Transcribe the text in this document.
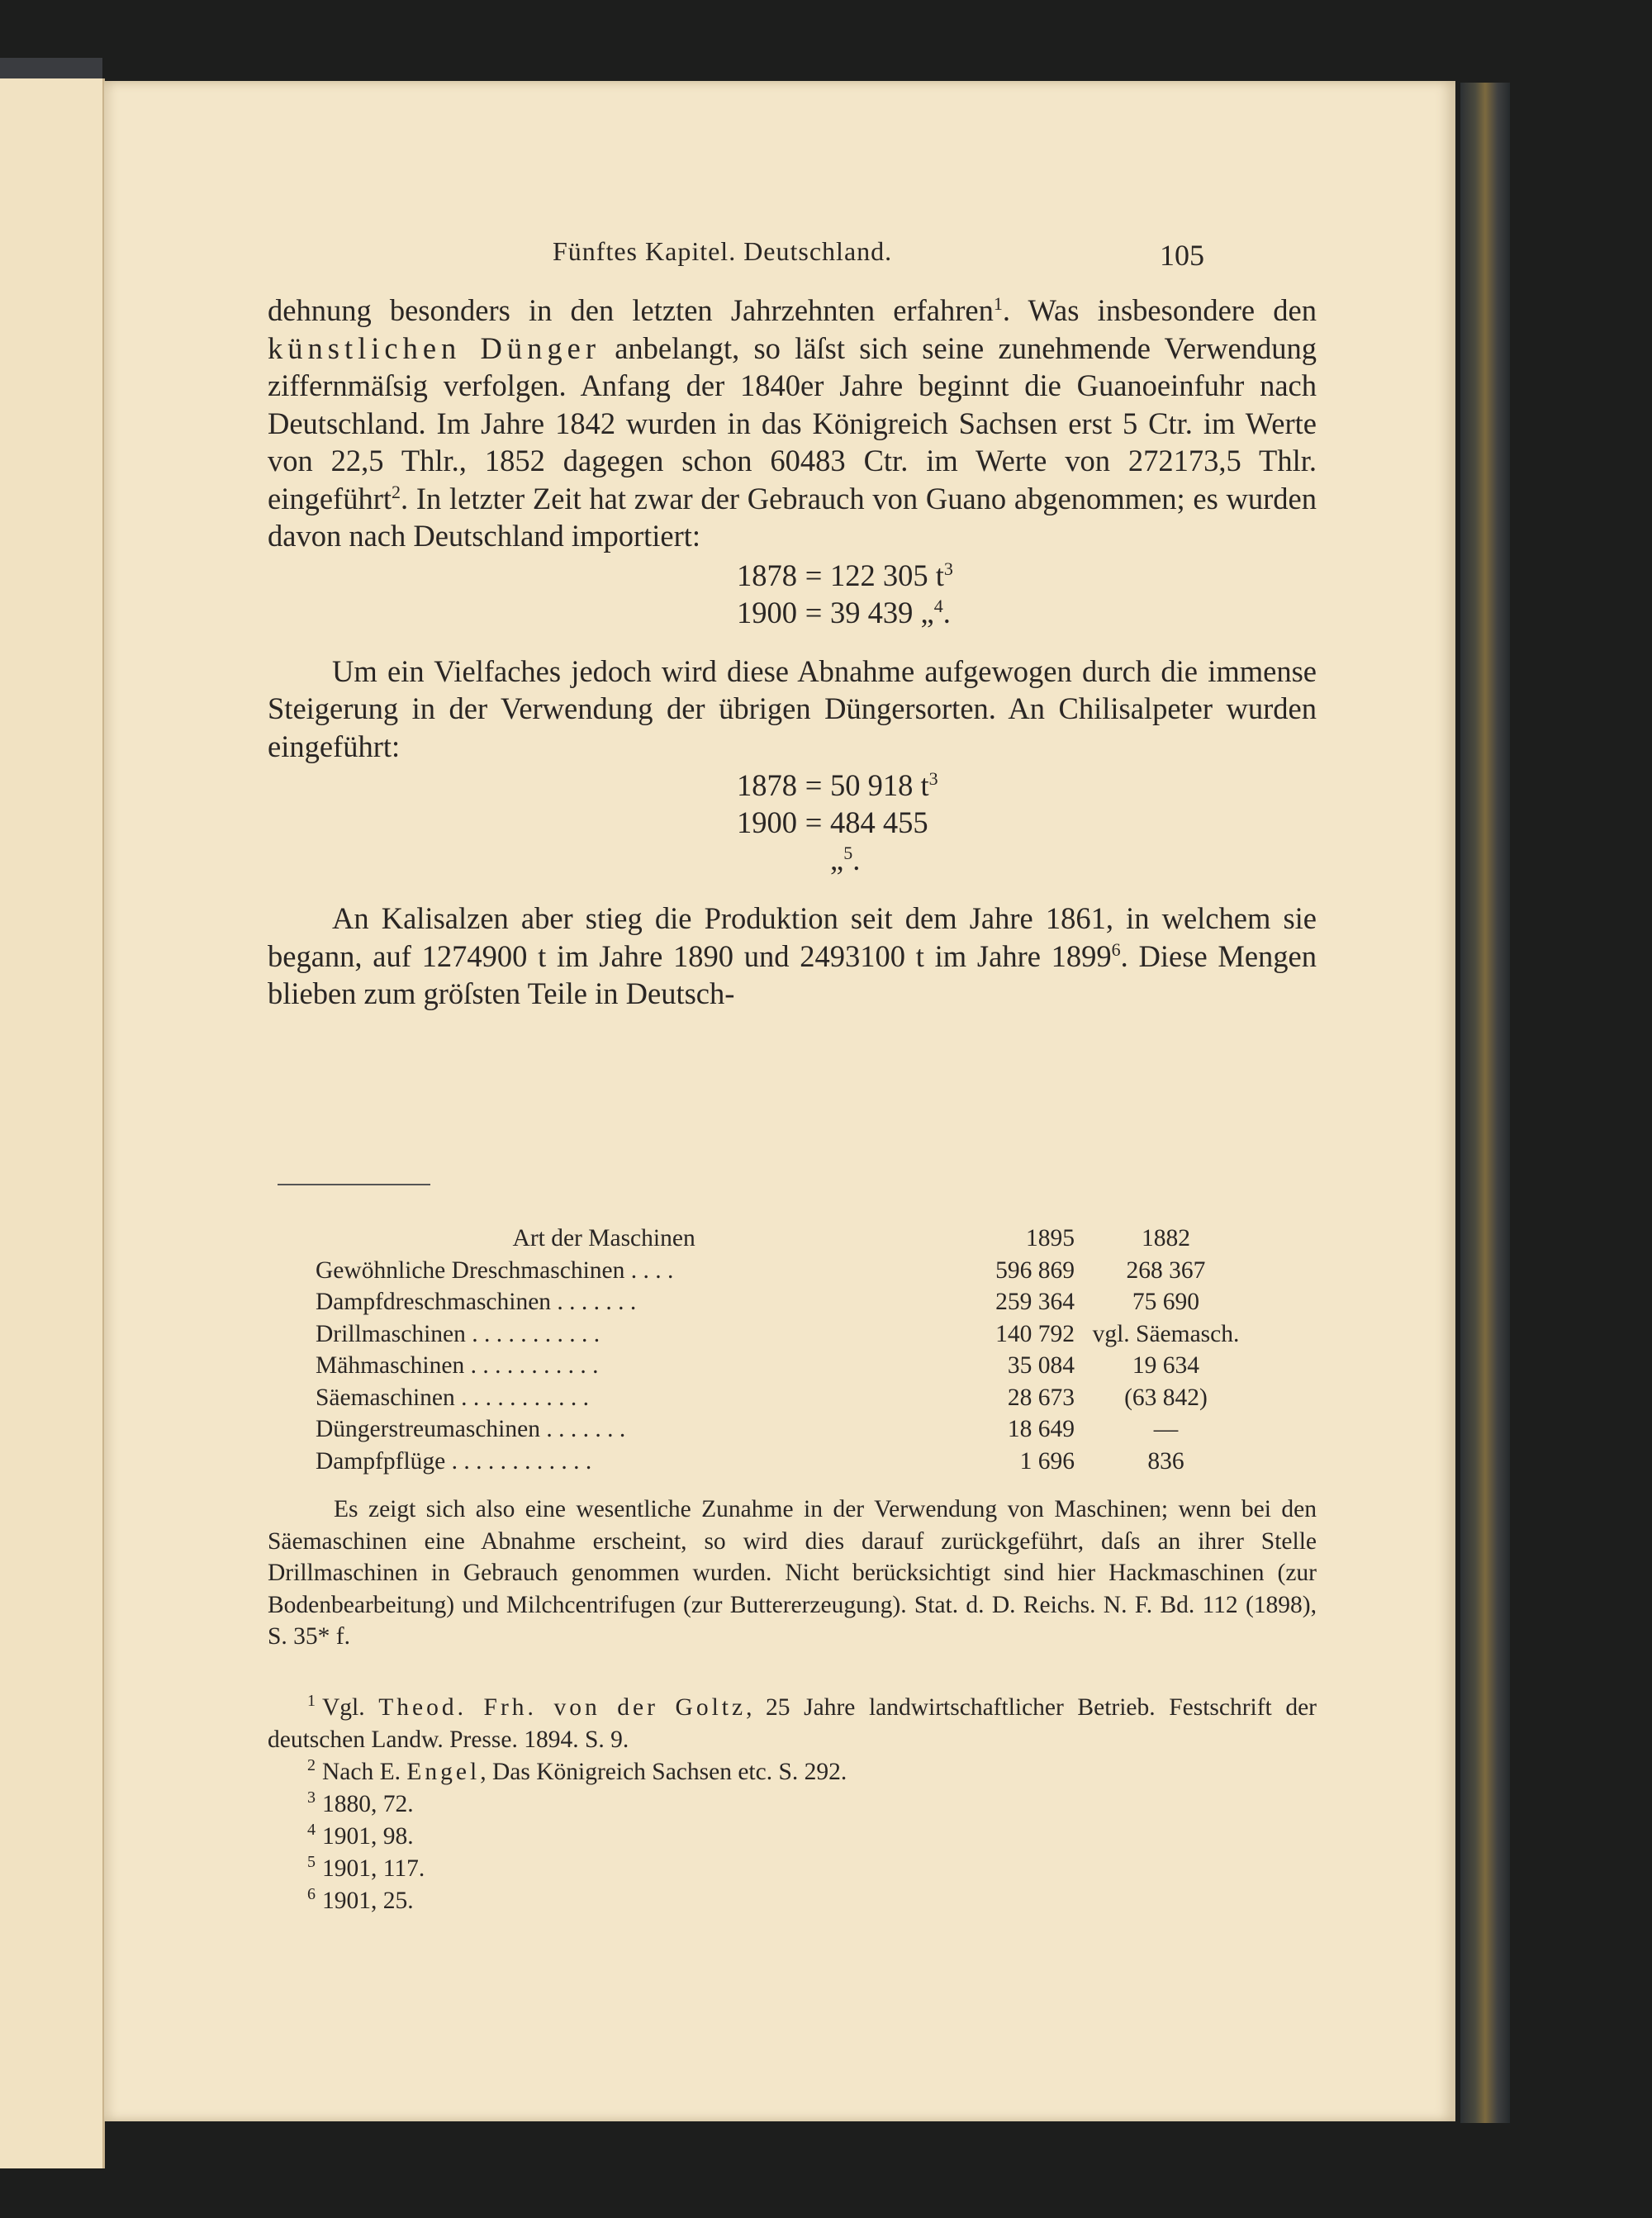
Fünftes Kapitel. Deutschland.	105

dehnung besonders in den letzten Jahrzehnten erfahren$^1$. Was insbesondere den künstlichen Dünger anbelangt, so läſst sich seine zunehmende Verwendung ziffernmäſsig verfolgen. Anfang der 1840er Jahre beginnt die Guanoeinfuhr nach Deutschland. Im Jahre 1842 wurden in das Königreich Sachsen erst 5 Ctr. im Werte von 22,5 Thlr., 1852 dagegen schon 60483 Ctr. im Werte von 272173,5 Thlr. eingeführt$^2$. In letzter Zeit hat zwar der Gebrauch von Guano abgenommen; es wurden davon nach Deutschland importiert:

1878 = 122 305 $t^3$
1900 = 39 439 „$^4$.

Um ein Vielfaches jedoch wird diese Abnahme aufgewogen durch die immense Steigerung in der Verwendung der übrigen Düngersorten. An Chilisalpeter wurden eingeführt:

1878 = 50 918 $t^3$
1900 = 484 455 „$^5$.

An Kalisalzen aber stieg die Produktion seit dem Jahre 1861, in welchem sie begann, auf 1274900 t im Jahre 1890 und 2493100 t im Jahre 1899$^6$. Diese Mengen blieben zum gröſsten Teile in Deutsch-

Art der Maschinen	1895	1882
Gewöhnliche Dreschmaschinen . . . .	596 869	268 367
Dampfdreschmaschinen . . . . . . .	259 364	75 690
Drillmaschinen . . . . . . . . . . .	140 792	vgl. Säemasch.
Mähmaschinen . . . . . . . . . . .	35 084	19 634
Säemaschinen . . . . . . . . . . .	28 673	(63 842)
Düngerstreumaschinen . . . . . . .	18 649	—
Dampfpflüge . . . . . . . . . . . .	1 696	836

Es zeigt sich also eine wesentliche Zunahme in der Verwendung von Maschinen; wenn bei den Säemaschinen eine Abnahme erscheint, so wird dies darauf zurückgeführt, daſs an ihrer Stelle Drillmaschinen in Gebrauch genommen wurden. Nicht berücksichtigt sind hier Hackmaschinen (zur Bodenbearbeitung) und Milchcentrifugen (zur Buttererzeugung). Stat. d. D. Reichs. N. F. Bd. 112 (1898), S. 35* f.

1 Vgl. Theod. Frh. von der Goltz, 25 Jahre landwirtschaftlicher Betrieb. Festschrift der deutschen Landw. Presse. 1894. S. 9.

2 Nach E. Engel, Das Königreich Sachsen etc. S. 292.

3 1880, 72.

4 1901, 98.

5 1901, 117.

6 1901, 25.
